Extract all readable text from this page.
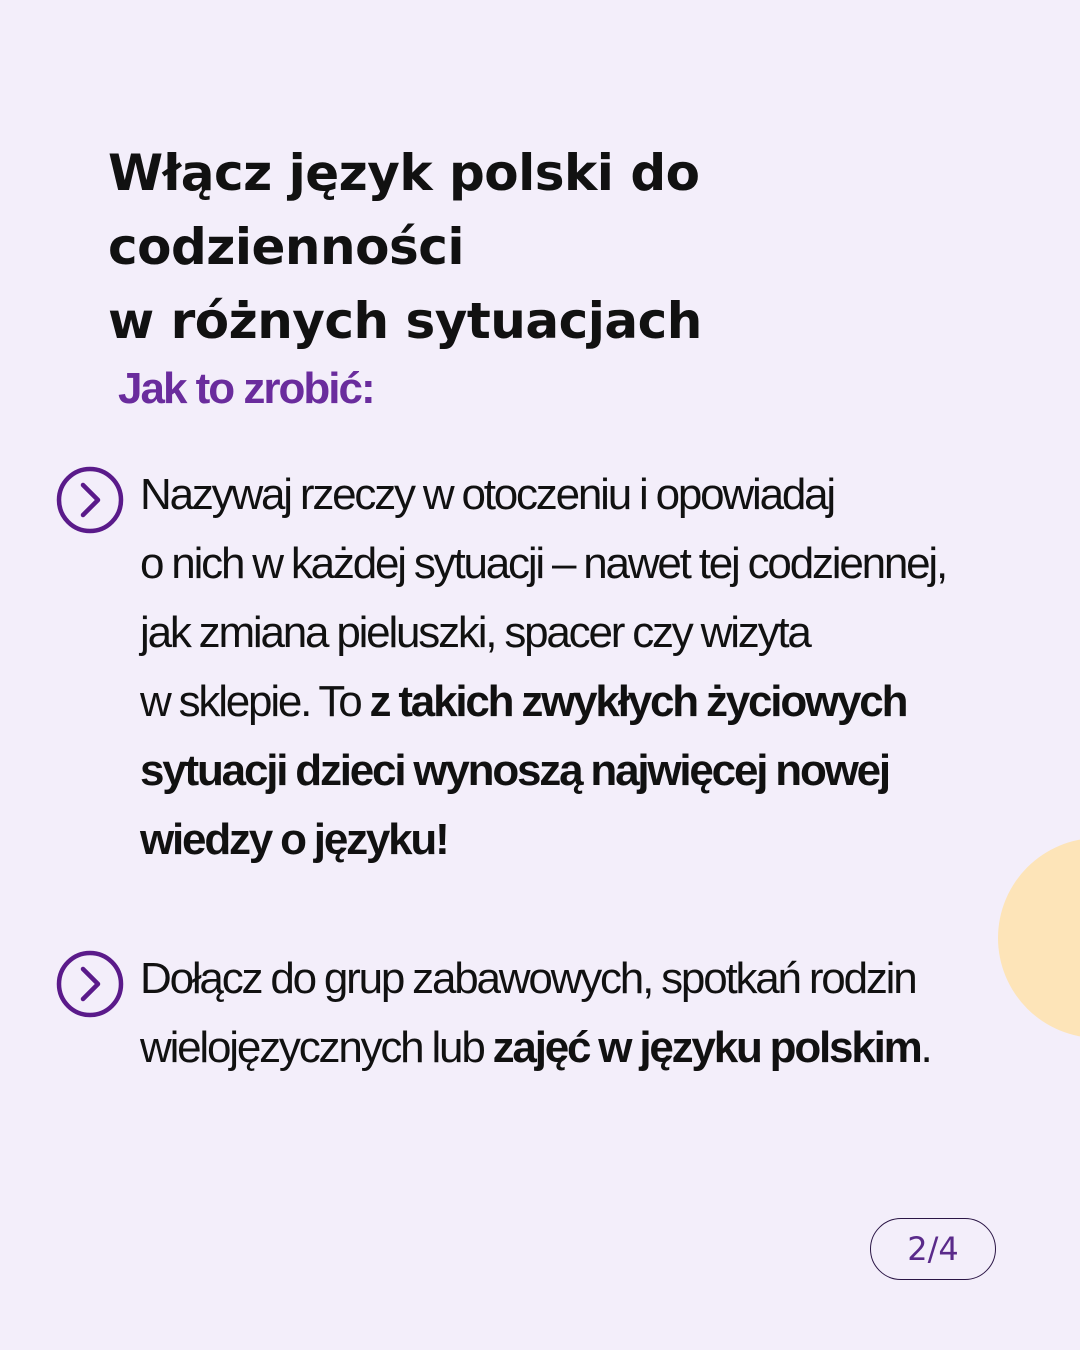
Włącz język polski do codzienności
w różnych sytuacjach
Jak to zrobić:

Nazywaj rzeczy w otoczeniu i opowiadaj
o nich w każdej sytuacji – nawet tej codziennej,
jak zmiana pieluszki, spacer czy wizyta
w sklepie. To z takich zwykłych życiowych
sytuacji dzieci wynoszą najwięcej nowej
wiedzy o języku!

Dołącz do grup zabawowych, spotkań rodzin
wielojęzycznych lub zajęć w języku polskim.

2/4
